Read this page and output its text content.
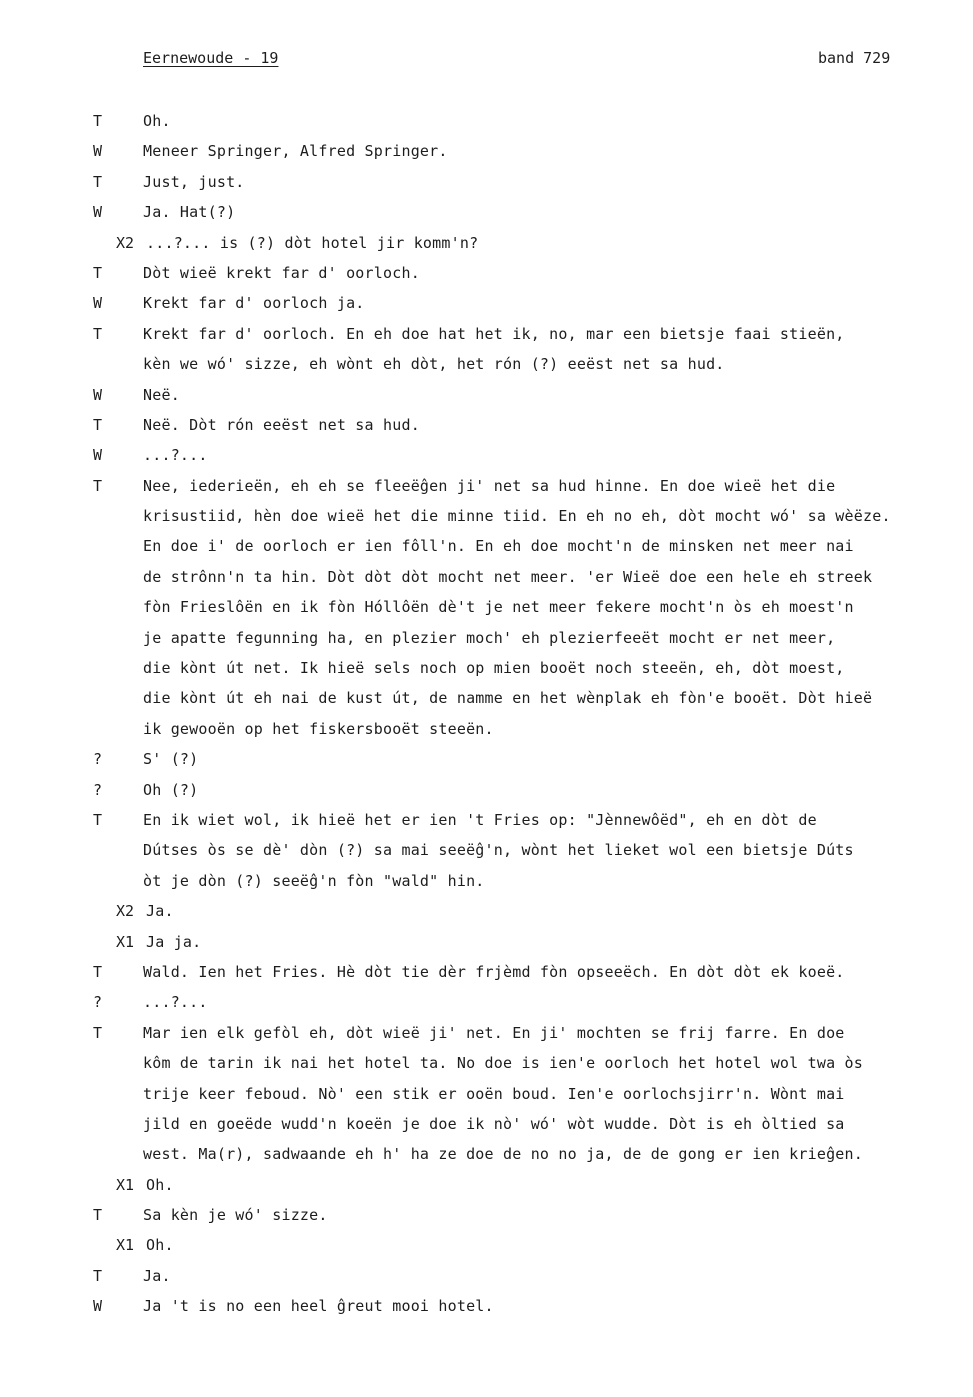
Eernewoude - 19	band 729
T	Oh.
W	Meneer Springer, Alfred Springer.
T	Just, just.
W	Ja. Hat(?)
X2 ...?... is (?) dòt hotel jir komm'n?
T	Dòt wieë krekt far d' oorloch.
W	Krekt far d' oorloch ja.
T	Krekt far d' oorloch. En eh doe hat het ik, no, mar een bietsje faai stieën,
kèn we wó' sizze, eh wònt eh dòt, het rón (?) eeëst net sa hud.
W	Neë.
T	Neë. Dòt rón eeëst net sa hud.
W	...?...
T	Nee, iederieën, eh eh se fleeëĝen ji' net sa hud hinne. En doe wieë het die
krisustiid, hèn doe wieë het die minne tiid. En eh no eh, dòt mocht wó' sa wèëze.
En doe i' de oorloch er ien fôll'n. En eh doe mocht'n de minsken net meer nai
de strônn'n ta hin. Dòt dòt dòt mocht net meer. 'er Wieë doe een hele eh streek
fòn Frieslôën en ik fòn Hóllôën dè't je net meer fekere mocht'n òs eh moest'n
je apatte fegunning ha, en plezier moch' eh plezierfeeët mocht er net meer,
die kònt út net. Ik hieë sels noch op mien booët noch steeën, eh, dòt moest,
die kònt út eh nai de kust út, de namme en het wènplak eh fòn'e booët. Dòt hieë
ik gewooën op het fiskersbooët steeën.
?	S' (?)
?	Oh (?)
T	En ik wiet wol, ik hieë het er ien 't Fries op: "Jènnewôëd", eh en dòt de
Dútses òs se dè' dòn (?) sa mai seeëĝ'n, wònt het lieket wol een bietsje Dúts
òt je dòn (?) seeëĝ'n fòn "wald" hin.
X2 Ja.
X1 Ja ja.
T	Wald. Ien het Fries. Hè dòt tie dèr frjèmd fòn opseeëch. En dòt dòt ek koeë.
?	...?...
T	Mar ien elk gefòl eh, dòt wieë ji' net. En ji' mochten se frij farre. En doe
kôm de tarin ik nai het hotel ta. No doe is ien'e oorloch het hotel wol twa òs
trije keer feboud. Nò' een stik er ooën boud. Ien'e oorlochsjirr'n. Wònt mai
jild en goeëde wudd'n koeën je doe ik nò' wó' wòt wudde. Dòt is eh òltied sa
west. Ma(r), sadwaande eh h' ha ze doe de no no ja, de de gong er ien krieĝen.
X1 Oh.
T	Sa kèn je wó' sizze.
X1 Oh.
T	Ja.
W	Ja 't is no een heel ĝreut mooi hotel.
